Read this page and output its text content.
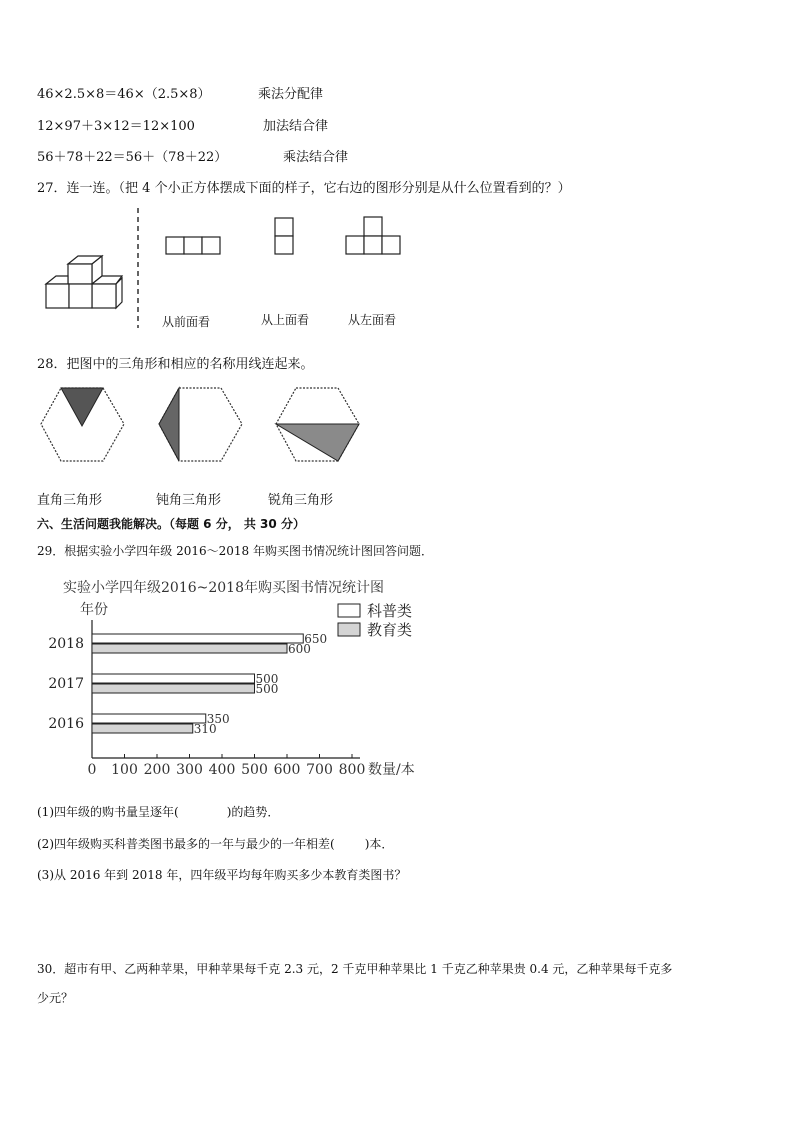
46×2.5×8＝46×（2.5×8）	乘法分配律
12×97＋3×12＝12×100	加法结合律
56＋78＋22＝56＋（78＋22）	乘法结合律
27．连一连。（把 4 个小正方体摆成下面的样子，它右边的图形分别是从什么位置看到的？）
从前面看	从上面看	从左面看
28．把图中的三角形和相应的名称用线连起来。
直角三角形	钝角三角形	锐角三角形
六、生活问题我能解决。（每题 6 分， 共 30 分）
29．根据实验小学四年级 2016～2018 年购买图书情况统计图回答问题．
实验小学四年级2016~2018年购买图书情况统计图
年份
数量/本
0 100 200 300 400 500 600 700 800
2016	350
310
2017	500
500
2018	650
600
科普类
教育类
(1)四年级的购书量呈逐年(	)的趋势．
(2)四年级购买科普类图书最多的一年与最少的一年相差(	)本．
(3)从 2016 年到 2018 年，四年级平均每年购买多少本教育类图书？
30．超市有甲、乙两种苹果，甲种苹果每千克 2.3 元，2 千克甲种苹果比 1 千克乙种苹果贵 0.4 元，乙种苹果每千克多
少元？
